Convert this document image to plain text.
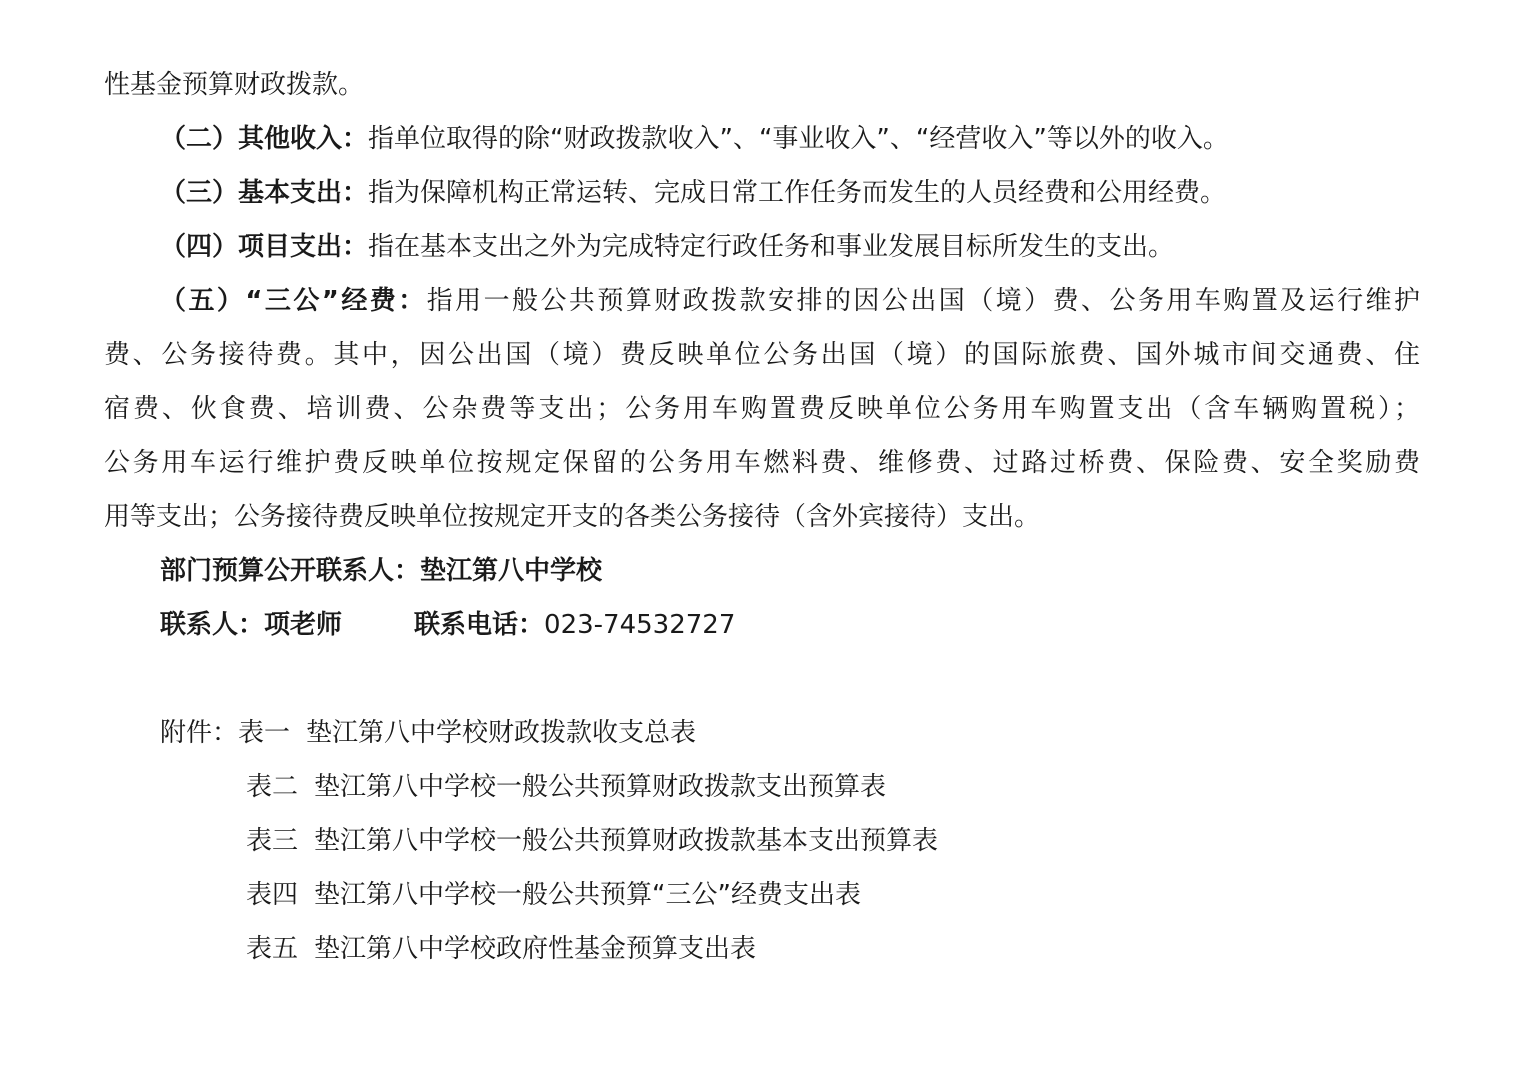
性基金预算财政拨款。
（二）其他收入：指单位取得的除“财政拨款收入”、“事业收入”、“经营收入”等以外的收入。
（三）基本支出：指为保障机构正常运转、完成日常工作任务而发生的人员经费和公用经费。
（四）项目支出：指在基本支出之外为完成特定行政任务和事业发展目标所发生的支出。
（五）“三公”经费：指用一般公共预算财政拨款安排的因公出国（境）费、公务用车购置及运行维护
费、公务接待费。其中，因公出国（境）费反映单位公务出国（境）的国际旅费、国外城市间交通费、住
宿费、伙食费、培训费、公杂费等支出；公务用车购置费反映单位公务用车购置支出（含车辆购置税）；
公务用车运行维护费反映单位按规定保留的公务用车燃料费、维修费、过路过桥费、保险费、安全奖励费
用等支出；公务接待费反映单位按规定开支的各类公务接待（含外宾接待）支出。
部门预算公开联系人：垫江第八中学校
联系人：项老师	联系电话：023-74532727
附件：表一 垫江第八中学校财政拨款收支总表
表二 垫江第八中学校一般公共预算财政拨款支出预算表
表三 垫江第八中学校一般公共预算财政拨款基本支出预算表
表四 垫江第八中学校一般公共预算“三公”经费支出表
表五 垫江第八中学校政府性基金预算支出表
